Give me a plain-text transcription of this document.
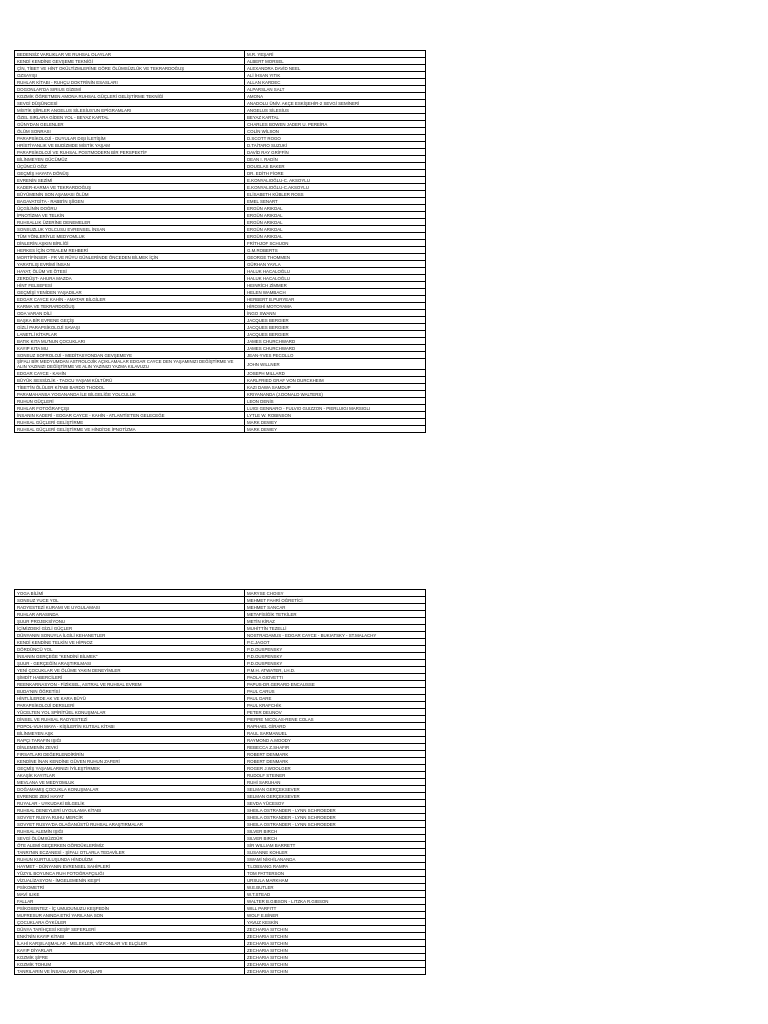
BEDENSİZ VARLIKLAR VE RUHSAL OLAYLAR	M.R. YEŞARİ
KENDİ KENDİNE GEVŞEME TEKNİĞİ	ALBERT MORSEL
ÇİN, TİBET VE HİNT OKÜLTİZMLERİNE GÖRE ÖLÜMSÜZLÜK VE TEKRARDOĞUŞ	ALEXANDRA DAVİD NEEL
OZSAYIŞI	ALİ İHSAN YITIK
RUHLAR KİTABI - RUHÇU DOKTRİNİN ESASLARI	ALLAN KARDEC
DOGONLAR'DA SIRIUS GİZEMİ	ALPARSLAN SALT
KOZMİK ÖĞRETMEN AMONA RUHSAL GÜÇLERİ GELİŞTİRME TEKNİĞİ	AMONA
SEVGİ DÜŞÜNCESİ	ANADOLU ÜNİV. AKÇE ESKİŞEHİR-2 SEVGİ SEMİNERİ
MİSTİK ŞİİRLER ANGELUS SİLESİUS'UN EPİGRAMLARI	ANGELUS SİLESİUS
ÖZEL SIRLARA GİDEN YOL - BEYAZ KARTAL	BEYAZ KARTAL
GÜNYDAN GELENLER	CHARLES BOWEN JADER U. PEREİRA
ÖLÜM SONRASI	COLİN WİLSON
PARAPSİKOLOJİ - DUYULAR DIŞI İLETİŞİM	D.SCOTT ROGO
HRİSTİYANLIK VE BUDİZMDE MİSTİK YAŞAM	D.TAİTARO SUZUKİ
PARAPSİKOLOJİ VE RUHSAL POSTMODERN BİR PERSPEKTİF	DAVİD RAY GRİFFİN
BİLİNMEYEN GÜCÜMÜZ	DEAN I. RADİN
ÜÇÜNCÜ GÖZ	DOUGLAS BAKER
GEÇMİŞ HAYATA DÖNÜŞ	DR. EDİTH FİORE
EVRENİN SEZİMİ	E.KONYALIOĞLU-C. AKSOYLU
KADER-KARMA VE TEKRARDOĞUŞ	E.KONYALIOĞLU-C.AKSOYLU
BÜYÜMENİN SON AŞAMASI ÖLÜM	ELİSABETH KÜBLER ROSS
BAGAVATGİTA - RABB'İN ŞİİGEN	EMEL SENART
ÜÇGİLİNİN DOĞRU	ERGÜN ARIKDAL
İPNOTİZMA VE TELKİN	ERGÜN ARIKDAL
RUHSALLIK ÜZERİNE DENEMELER	ERGÜN ARIKDAL
SONSUZLUK YOLCUSU EVRENSEL İNSAN	ERGÜN ARIKDAL
TÜM YÖNLERİYLE MEDYOMLUK	ERGÜN ARIKDAL
DİNLERİN AŞKIN BİRLİĞİ	FRİTHJOF SCHUON
HERKES İÇİN OTEALEM REHBERİ	G.M.ROBERTS
MORTİFİNSER - FR VE RÜYU GÜNLERİNDE ÖNCEDEN BİLMEK İÇİN	GEORGE THOMMEN
YARATILIŞ EVRİMİ İNSAN	GÜRHAN YAYLA
HAYAT, ÖLÜM VE ÖTESİ	HALUK HACALOĞLU
ZERDÜŞT- AHURA MAZDA	HALUK HACALOĞLU
HİNT FELSEFESİ	HEINRİCH ZİMMER
GEÇMİŞİ YENİDEN YAŞADILAR	HELEN WAMBACH
EDGAR CAYCE KAHİN - AMATAR BİLGİLER	HERBERT B.PURYEAR
KARMA VE TEKRARDOĞUŞ	HİROSHİ MOTOYAMA
ODA VARAN DİLİ	İNGO SWANN
BAŞKA BİR EVRENE GEÇİŞ	JACQUES BERGIER
GİZLİ PARAPSİKOLOJİ SAVAŞI	JACQUES BERGIER
LANETLİ KİTAPLAR	JACQUES BERGIER
BATIK KITA MU'NUN ÇOCUKLARI	JAMES CHURCHWARD
KAYIP KITA MU	JAMES CHURCHWARD
SONSUZ SOFROLOJİ - MEDİTASYONDAN GEVŞEMEYE	JEAN-YVES PECOLLO
ŞİFALI BİR MEDYUMDAN ASTROLOJİK AÇIKLAMALAR EDGAR CAYCE DEN YAŞAMINIZI DEĞİŞTİRME VE ALIN YAZINIZI DEĞİŞTİRME VE ALIN YAZINIZI YAZMA KILAVUZU	JOHN WILLNER
EDGAR CAYCE - KAHİN	JOSEPH MILLARD
BÜYÜK SESSİZLİK - TAOCU YAŞAM KÜLTÜRÜ	KARLFRIED GRAF VON DURCKHEIM
TİBET'İN ÖLÜLER KİTABI BARDO THODOL	KAZI DAWA SAMDUP
PARAMAHANSA YOGANANDA İLE BİLGELİĞE YOLCULUK	KRIYANANDA (J.DONALD WALTERS)
RUHUN GÜÇLERİ	LEON DENİS
RUHLAR FOTOĞRAFÇIŞI	LUIGI GENNARO - FULVIO GUIZZON - PIERLUIGI MARSIGLI
İNSANIN KADERİ - EDGAR CAYCE - KAHİN - ATLANTİS'TEN GELECEĞE	LYTLE W. ROBINSON
RUHSAL GÜÇLERİ GELİŞTİRME	MARK DEWEY
RUHSAL GÜÇLERİ GELİŞTİRME VE HİNDİ'DE İPNOTİZMA	MARK DEWEY
YOGA BİLİMİ	MARYSE CHOISY
SONSUZ YUCE YOL	MEHMET FAHRİ OĞRETİCİ
RADYESTEZİ KURAMI VE UYGULAMASI	MEHMET SANCAR
RUHLAR ARASINDA	METAFİSİĞİK TETKİLER
ŞUUR PROJEKSİYONU	METİN KİRAZ
İÇİMİZDEKİ GİZLİ GÜÇLER	MUHİTTİN TEZELLİ
DÜNYANIN SONUYLA İLGİLİ KEHANETLER	NOSTRADAMUS - EDGAR CAYCE - BUKIATSKY - ST.MALACHY
KENDİ KENDİNE TELKİN VE HİPNOZ	P.C.JAGOT
DÖRDÜNCÜ YOL	P.D.OUSPENSKY
İNSANIN GERÇEĞE "KENDİNİ BİLMEK"	P.D.OUSPENSKY
ŞUUR - GERÇEĞİN ARAŞTIRILMASI	P.D.OUSPENSKY
YENİ ÇOCUKLAR VE ÖLÜME YAKIN DENEYİMLER	P.M.H. ATWATER, LH.D.
ŞİMDİT HABERCİLERİ	PAOLA GIOVETTI
REENKARNASYON - FİZİKSEL, ASTRAL VE RUHSAL EVREM	PAPUS-DR.GERARD ENCAUSSE
BUDA'NIN ÖĞRETİSİ	PAUL CARUS
HİNTLİLERDE AK VE KARA BÜYÜ	PAUL DARE
PARAPSİKOLOJİ DERSLERİ	PAUL KRAFCHİK
YÜCELTEN YOL SPİRİTÜEL KONUŞMALAR	PETER DEUNOV
DİNSEL VE RUHSAL RADYESTEZİ	PIERRE NICOLAS-RENE COLAS
POPOL-VUH MAYA - KİŞİLER'İN KUTSAL KİTABI	RAPHAEL GİRARD
BİLİNMEYEN AŞK	RAUL SARMANUEL
RAPÇI TARAFIN IŞIĞI	RAYMOND A.MOODY
DİNLEMENİN ZEVKİ	REBECCA Z.SHAFIR
FIRSATLARI DEĞERLENDİRİRİN	ROBERT DENMARK
KENDİNE İNAN KENDİNE GÜVEN RUHUN ZAFERİ	ROBERT DENMARK
GEÇMİŞ YAŞAMLARINIZI İYİLEŞTİRMEK	ROGER J.WOOLGER
AKAŞİK KAYITLAR	RUDOLF STEINER
MEVLANA VE MEDYOMLUK	RUHİ SARUHAN
DOĞAMAMIŞ ÇOCUKLA KONUŞMALAR	SELMAN GERÇEKSEVER
EVRENDE ZEKİ HAYAT	SELMAN GERÇEKSEVER
RUYALAR - UYKUDAKİ BİLGELİK	SEVDA YÜCESOY
RUHSAL DENEYLERİ UYGULAMA KİTABI	SHEILA OSTRANDER - LYNN SCHROEDER
SOVYET RUSYA RUHU MERCİR	SHEILA OSTRANDER - LYNN SCHROEDER
SOVYET RUSYA'DA OLAĞANÜSTÜ RUHSAL ARAŞTIRMALAR	SHEILA OSTRANDER - LYNN SCHROEDER
RUHSAL ALEMİN IŞIĞI	SILVER BIRCH
SEVGİ ÖLÜMSÜZDÜR	SILVER BIRCH
ÖTE ALEMİ GEÇERKEN GÖRDÜKLERİMİZ	SİR WILLIAM BARRETT
TANRI'NIN ECZANESİ - ŞİFALI OTLARLA TEDAVİLER	SUSANNE KOHLER
RUHUN KURTULUŞUNDA HİNDUİZM	SWAMİ NİKHİLANANDA
HAYMET - DÜNYANIN EVRENSEL SAHİPLERİ	T.LOBSANG RAMPA
YÜZYIL BOYUNCA RUH FOTOĞRAFÇILIĞI	TOM PATTERSON
VİZUALİZASYON - İMGELEMENİN KEŞFİ	URSULA MARKHAM
PSİKOMETRİ	W.E.BUTLER
MAVİ ILIKE	W.T.STEAD
FALLAR	WALTER B.GIBSON - LITZKA R.GIBSON
PSİKOSENTEZ - İÇ UMUDUNUZU KEŞFEDİN	WILL PARFITT
MUFRESUR ANINDA ETKİ YARILANA SON	WOLF E.BİNER
ÇOCUKLARA ÖYKÜLER	YAVUZ KESKİN
DÜNYA TARİHÇESİ KEŞİF SEFERLERİ	ZECHARIA SITCHIN
ENKİ'NİN KAYIP KİTABI	ZECHARIA SITCHIN
İLAHİ KARŞILAŞMALAR - MELEKLER, VİZYONLAR VE ELÇİLER	ZECHARIA SITCHIN
KAYIP DİYARLAR	ZECHARIA SITCHIN
KOZMİK ŞİFRE	ZECHARIA SITCHIN
KOZMİK TOHUM	ZECHARIA SITCHIN
TANRILARIN VE İNSANLARIN SAVAŞLARI	ZECHARIA SITCHIN
